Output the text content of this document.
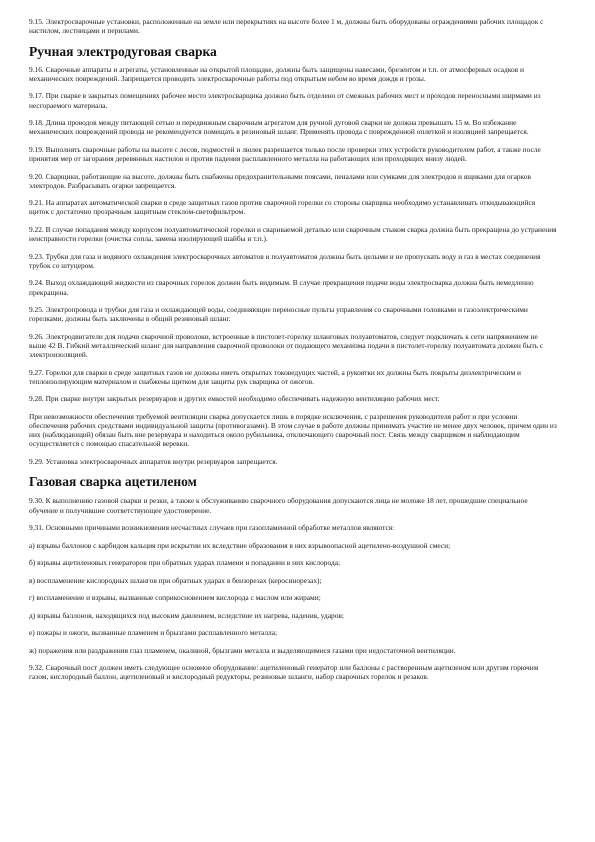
9.15. Электросварочные установки, расположенные на земле или перекрытиях на высоте более 1 м, должны быть оборудованы ограждениями рабочих площадок с настилом, лестницами и перилами.

Ручная электродуговая сварка

9.16. Сварочные аппараты и агрегаты, установленные на открытой площадке, должны быть защищены навесами, брезентом и т.п. от атмосферных осадков и механических повреждений. Запрещается проводить электросварочные работы под открытым небом во время дождя и грозы.

9.17. При сварке в закрытых помещениях рабочее место электросварщика должно быть отделено от смежных рабочих мест и проходов переносными ширмами из несгораемого материала.

9.18. Длина проводов между питающей сетью и передвижным сварочным агрегатом для ручной дуговой сварки не должна превышать 15 м. Во избежание механических повреждений провода не рекомендуется помещать в резиновый шланг. Применять провода с поврежденной оплеткой и изоляцией запрещается.

9.19. Выполнять сварочные работы на высоте с лесов, подмостей и люлек разрешается только после проверки этих устройств руководителем работ, а также после принятия мер от загорания деревянных настилов и против падения расплавленного металла на работающих или проходящих внизу людей.

9.20. Сварщики, работающие на высоте, должны быть снабжены предохранительными поясами, пеналами или сумками для электродов и ящиками для огарков электродов. Разбрасывать огарки запрещается.

9.21. На аппаратах автоматической сварки в среде защитных газов против сварочной горелки со стороны сварщика необходимо устанавливать откидывающийся щиток с достаточно прозрачным защитным стеклом-светофильтром.

9.22. В случае попадания между корпусом полуавтоматической горелки и свариваемой деталью или сварочным стыком сварка должна быть прекращена до устранения неисправности горелки (очистка сопла, замена изолирующей шайбы и т.п.).

9.23. Трубки для газа и водяного охлаждения электросварочных автоматов и полуавтоматов должны быть целыми и не пропускать воду и газ в местах соединения трубок со штуцером.

9.24. Выход охлаждающей жидкости из сварочных горелок должен быть видимым. В случае прекращения подачи воды электросварка должна быть немедленно прекращена.

9.25. Электропровода и трубки для газа и охлаждающей воды, соединяющие переносные пульты управления со сварочными головками и газоэлектрическими горелками, должны быть заключены в общий резиновый шланг.

9.26. Электродвигатели для подачи сварочной проволоки, встроенные в пистолет-горелку шланговых полуавтоматов, следует подключать к сети напряжением не выше 42 В. Гибкий металлический шланг для направления сварочной проволоки от подающего механизма подачи в пистолет-горелку полуавтомата должен быть с электроизоляцией.

9.27. Горелки для сварки в среде защитных газов не должны иметь открытых токоведущих частей, а рукоятки их должны быть покрыты диэлектрическим и теплоизолирующим материалом и снабжены щитком для защиты рук сварщика от ожогов.

9.28. При сварке внутри закрытых резервуаров и других емкостей необходимо обеспечивать надежную вентиляцию рабочих мест.

При невозможности обеспечения требуемой вентиляции сварка допускается лишь в порядке исключения, с разрешения руководителя работ и при условии обеспечения рабочих средствами индивидуальной защиты (противогазами). В этом случае в работе должны принимать участие не менее двух человек, причем один из них (наблюдающий) обязан быть вне резервуара и находиться около рубильника, отключающего сварочный пост. Связь между сварщиком и наблюдающим осуществляется с помощью спасательной веревки.

9.29. Установка электросварочных аппаратов внутри резервуаров запрещается.

Газовая сварка ацетиленом

9.30. К выполнению газовой сварки и резки, а также к обслуживанию сварочного оборудования допускаются лица не моложе 18 лет, прошедшие специальное обучение и получившие соответствующее удостоверение.

9.31. Основными причинами возникновения несчастных случаев при газопламенной обработке металлов являются:

а) взрывы баллонов с карбидом кальция при вскрытии их вследствие образования в них взрывоопасной ацетилено-воздушной смеси;

б) взрывы ацетиленовых генераторов при обратных ударах пламени и попадании в них кислорода;

в) воспламенение кислородных шлангов при обратных ударах в бензорезах (керосинорезах);

г) воспламенение и взрывы, вызванные соприкосновением кислорода с маслом или жирами;

д) взрывы баллонов, находящихся под высоким давлением, вследствие их нагрева, падения, ударов;

е) пожары и ожоги, вызванные пламенем и брызгами расплавленного металла;

ж) поражения или раздражения глаз пламенем, окалиной, брызгами металла и выделяющимися газами при недостаточной вентиляции.

9.32. Сварочный пост должен иметь следующее основное оборудование: ацетиленовый генератор или баллоны с растворенным ацетиленом или другим горючим газом, кислородный баллон, ацетиленовый и кислородный редукторы, резиновые шланги, набор сварочных горелок и резаков.
